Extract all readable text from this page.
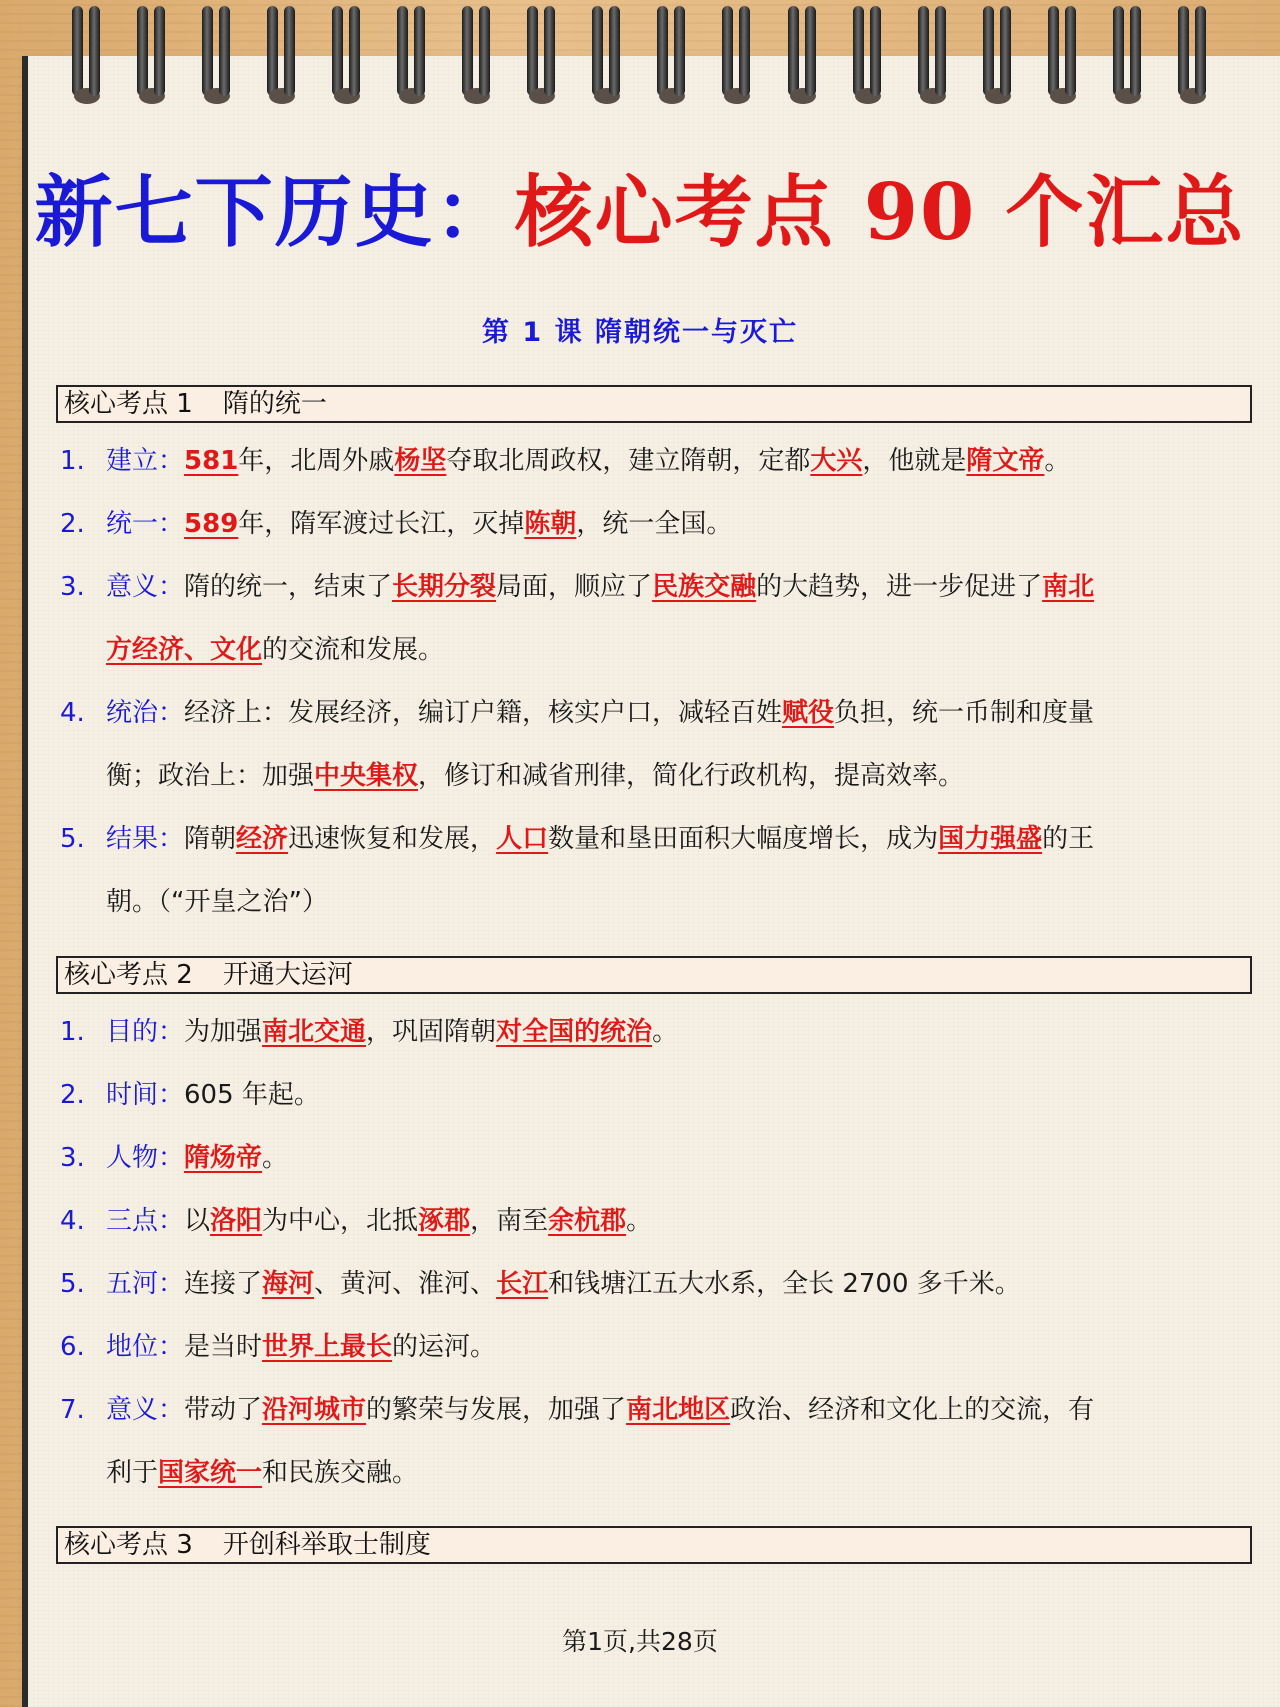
新七下历史：核心考点 90 个汇总
第 1 课 隋朝统一与灭亡
核心考点 1 隋的统一
1. 建立：581年，北周外戚杨坚夺取北周政权，建立隋朝，定都大兴，他就是隋文帝。
2. 统一：589年，隋军渡过长江，灭掉陈朝，统一全国。
3. 意义：隋的统一，结束了长期分裂局面，顺应了民族交融的大趋势，进一步促进了南北
方经济、文化的交流和发展。
4. 统治：经济上：发展经济，编订户籍，核实户口，减轻百姓赋役负担，统一币制和度量
衡；政治上：加强中央集权，修订和减省刑律，简化行政机构，提高效率。
5. 结果：隋朝经济迅速恢复和发展，人口数量和垦田面积大幅度增长，成为国力强盛的王
朝。（“开皇之治”）
核心考点 2 开通大运河
1. 目的：为加强南北交通，巩固隋朝对全国的统治。
2. 时间：605 年起。
3. 人物：隋炀帝。
4. 三点：以洛阳为中心，北抵涿郡，南至余杭郡。
5. 五河：连接了海河、黄河、淮河、长江和钱塘江五大水系，全长 2700 多千米。
6. 地位：是当时世界上最长的运河。
7. 意义：带动了沿河城市的繁荣与发展，加强了南北地区政治、经济和文化上的交流，有
利于国家统一和民族交融。
核心考点 3 开创科举取士制度
第1页,共28页
